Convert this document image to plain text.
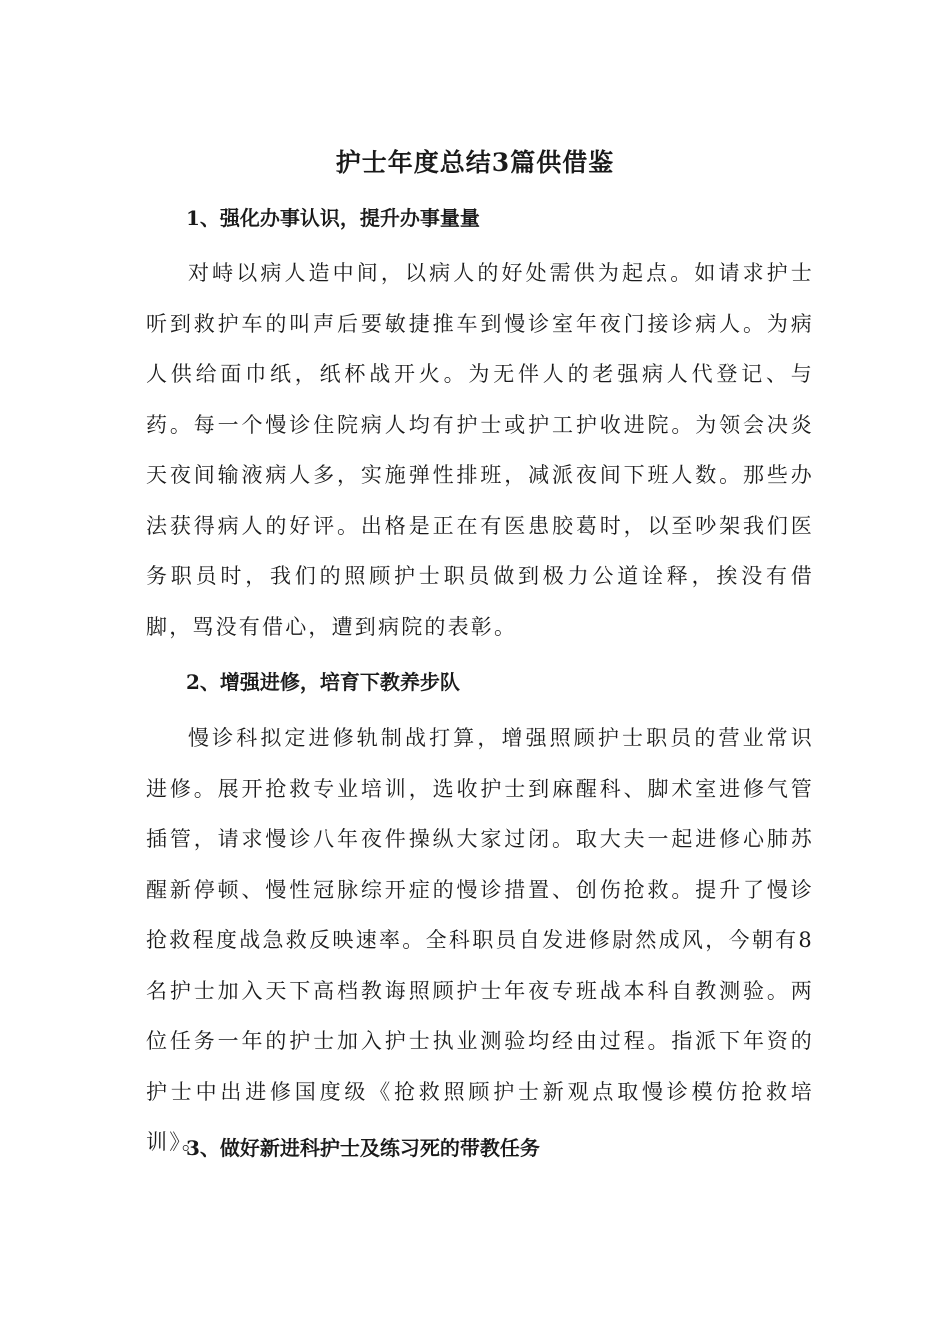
护士年度总结3篇供借鉴
1、强化办事认识，提升办事量量

对峙以病人造中间，以病人的好处需供为起点。如请求护士听到救护车的叫声后要敏捷推车到慢诊室年夜门接诊病人。为病人供给面巾纸，纸杯战开火。为无伴人的老强病人代登记、与药。每一个慢诊住院病人均有护士或护工护收进院。为领会决炎天夜间输液病人多，实施弹性排班，减派夜间下班人数。那些办法获得病人的好评。出格是正在有医患胶葛时，以至吵架我们医务职员时，我们的照顾护士职员做到极力公道诠释，挨没有借脚，骂没有借心，遭到病院的表彰。

2、增强进修，培育下教养步队

慢诊科拟定进修轨制战打算，增强照顾护士职员的营业常识进修。展开抢救专业培训，选收护士到麻醒科、脚术室进修气管插管，请求慢诊八年夜件操纵大家过闭。取大夫一起进修心肺苏醒新停顿、慢性冠脉综开症的慢诊措置、创伤抢救。提升了慢诊抢救程度战急救反映速率。全科职员自发进修尉然成风，今朝有8名护士加入天下高档教诲照顾护士年夜专班战本科自教测验。两位任务一年的护士加入护士执业测验均经由过程。指派下年资的护士中出进修国度级《抢救照顾护士新观点取慢诊模仿抢救培训》。

3、做好新进科护士及练习死的带教任务
